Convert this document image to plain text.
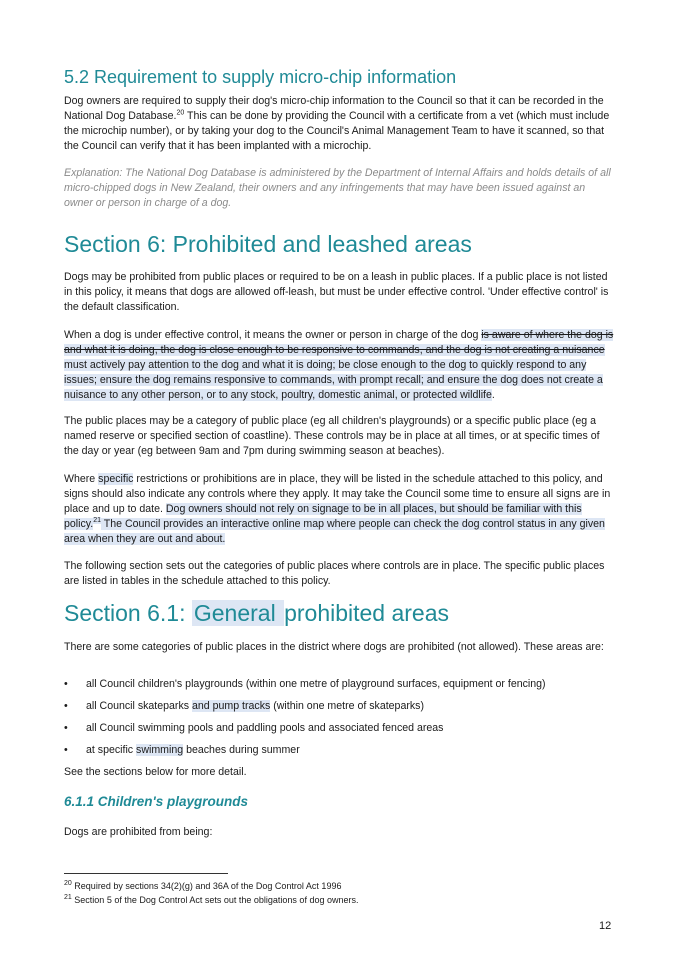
5.2 Requirement to supply micro-chip information

Dog owners are required to supply their dog's micro-chip information to the Council so that it can be recorded in the National Dog Database.$^{20}$ This can be done by providing the Council with a certificate from a vet (which must include the microchip number), or by taking your dog to the Council's Animal Management Team to have it scanned, so that the Council can verify that it has been implanted with a microchip.

Explanation: The National Dog Database is administered by the Department of Internal Affairs and holds details of all micro-chipped dogs in New Zealand, their owners and any infringements that may have been issued against an owner or person in charge of a dog.

Section 6: Prohibited and leashed areas

Dogs may be prohibited from public places or required to be on a leash in public places. If a public place is not listed in this policy, it means that dogs are allowed off-leash, but must be under effective control. 'Under effective control' is the default classification.

When a dog is under effective control, it means the owner or person in charge of the dog is aware of where the dog is and what it is doing, the dog is close enough to be responsive to commands, and the dog is not creating a nuisance must actively pay attention to the dog and what it is doing; be close enough to the dog to quickly respond to any issues; ensure the dog remains responsive to commands, with prompt recall; and ensure the dog does not create a nuisance to any other person, or to any stock, poultry, domestic animal, or protected wildlife.

The public places may be a category of public place (eg all children's playgrounds) or a specific public place (eg a named reserve or specified section of coastline). These controls may be in place at all times, or at specific times of the day or year (eg between 9am and 7pm during swimming season at beaches).

Where specific restrictions or prohibitions are in place, they will be listed in the schedule attached to this policy, and signs should also indicate any controls where they apply. It may take the Council some time to ensure all signs are in place and up to date. Dog owners should not rely on signage to be in all places, but should be familiar with this policy.$^{21}$ The Council provides an interactive online map where people can check the dog control status in any given area when they are out and about.

The following section sets out the categories of public places where controls are in place. The specific public places are listed in tables in the schedule attached to this policy.

Section 6.1: General prohibited areas

There are some categories of public places in the district where dogs are prohibited (not allowed). These areas are:

• all Council children's playgrounds (within one metre of playground surfaces, equipment or fencing)
• all Council skateparks and pump tracks (within one metre of skateparks)
• all Council swimming pools and paddling pools and associated fenced areas
• at specific swimming beaches during summer

See the sections below for more detail.

6.1.1 Children's playgrounds

Dogs are prohibited from being:

$^{20}$ Required by sections 34(2)(g) and 36A of the Dog Control Act 1996
$^{21}$ Section 5 of the Dog Control Act sets out the obligations of dog owners.
12
